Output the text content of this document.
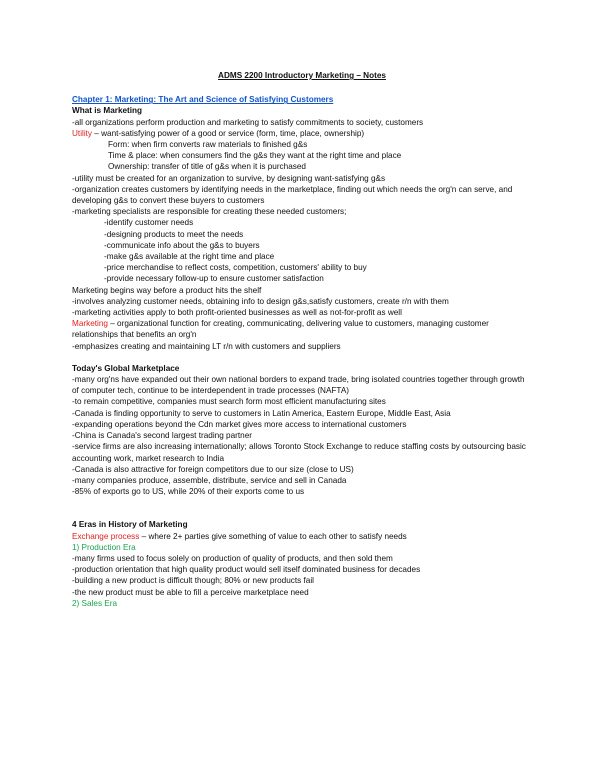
ADMS 2200 Introductory Marketing – Notes
Chapter 1: Marketing: The Art and Science of Satisfying Customers
What is Marketing
-all organizations perform production and marketing to satisfy commitments to society, customers
Utility – want-satisfying power of a good or service (form, time, place, ownership)
Form: when firm converts raw materials to finished g&s
Time & place: when consumers find the g&s they want at the right time and place
Ownership: transfer of title of g&s when it is purchased
-utility must be created for an organization to survive, by designing want-satisfying g&s
-organization creates customers by identifying needs in the marketplace, finding out which needs the org'n can serve, and developing g&s to convert these buyers to customers
-marketing specialists are responsible for creating these needed customers;
-identify customer needs
-designing products to meet the needs
-communicate info about the g&s to buyers
-make g&s available at the right time and place
-price merchandise to reflect costs, competition, customers' ability to buy
-provide necessary follow-up to ensure customer satisfaction
Marketing begins way before a product hits the shelf
-involves analyzing customer needs, obtaining info to design g&s,satisfy customers, create r/n with them
-marketing activities apply to both profit-oriented businesses as well as not-for-profit as well
Marketing – organizational function for creating, communicating, delivering value to customers, managing customer relationships that benefits an org'n
-emphasizes creating and maintaining LT r/n with customers and suppliers
Today's Global Marketplace
-many org'ns have expanded out their own national borders to expand trade, bring isolated countries together through growth of computer tech, continue to be interdependent in trade processes (NAFTA)
-to remain competitive, companies must search form most efficient manufacturing sites
-Canada is finding opportunity to serve to customers in Latin America, Eastern Europe, Middle East, Asia
-expanding operations beyond the Cdn market gives more access to international customers
-China is Canada's second largest trading partner
-service firms are also increasing internationally; allows Toronto Stock Exchange to reduce staffing costs by outsourcing basic accounting work, market research to India
-Canada is also attractive for foreign competitors due to our size (close to US)
-many companies produce, assemble, distribute, service and sell in Canada
-85% of exports go to US, while 20% of their exports come to us
4 Eras in History of Marketing
Exchange process – where 2+ parties give something of value to each other to satisfy needs
1) Production Era
-many firms used to focus solely on production of quality of products, and then sold them
-production orientation that high quality product would sell itself dominated business for decades
-building a new product is difficult though; 80% or new products fail
-the new product must be able to fill a perceive marketplace need
2) Sales Era
